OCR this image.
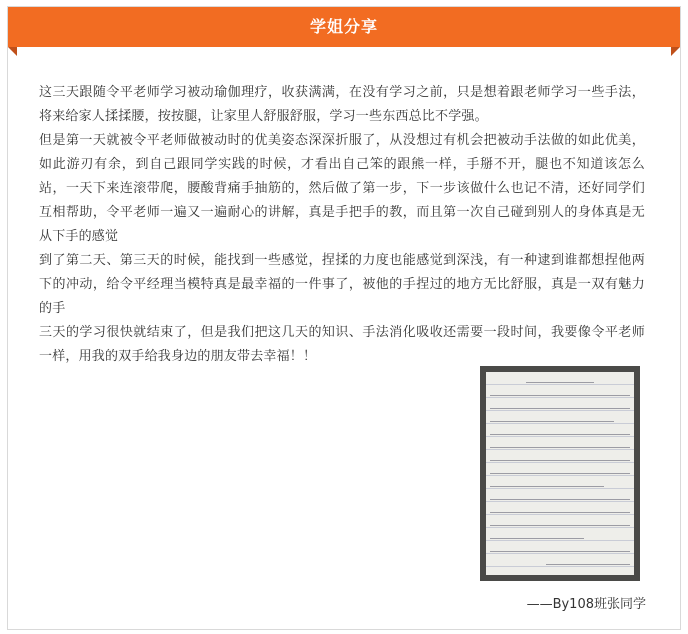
学姐分享

这三天跟随令平老师学习被动瑜伽理疗，收获满满，在没有学习之前，只是想着跟老师学习一些手法，将来给家人揉揉腰，按按腿，让家里人舒服舒服，学习一些东西总比不学强。

但是第一天就被令平老师做被动时的优美姿态深深折服了，从没想过有机会把被动手法做的如此优美，如此游刃有余，到自己跟同学实践的时候，才看出自己笨的跟熊一样，手掰不开，腿也不知道该怎么站，一天下来连滚带爬，腰酸背痛手抽筋的，然后做了第一步，下一步该做什么也记不清，还好同学们互相帮助，令平老师一遍又一遍耐心的讲解，真是手把手的教，而且第一次自己碰到别人的身体真是无从下手的感觉

到了第二天、第三天的时候，能找到一些感觉，捏揉的力度也能感觉到深浅，有一种逮到谁都想捏他两下的冲动，给令平经理当模特真是最幸福的一件事了，被他的手捏过的地方无比舒服，真是一双有魅力的手

三天的学习很快就结束了，但是我们把这几天的知识、手法消化吸收还需要一段时间，我要像令平老师一样，用我的双手给我身边的朋友带去幸福！！

——By108班张同学
